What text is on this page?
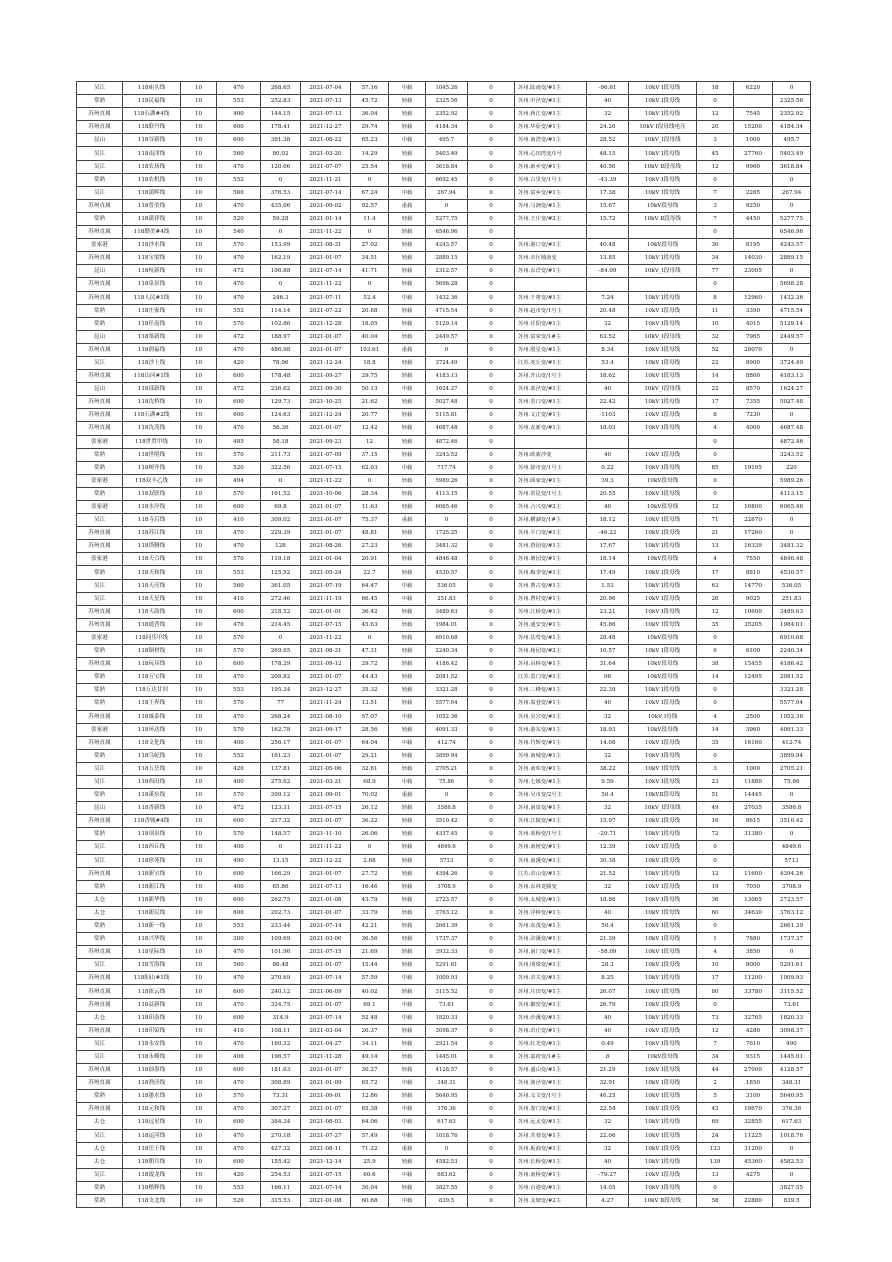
吴江	118庙头线	10	470	268.65	2021-07-04	57.16	中载	1045.26	0	苏州.陆南变/#1主	-96.61	10kV Ⅰ段母线	18	6220	0
常熟	118民福线	10	553	252.83	2021-07-13	45.72	轻载	2325.56	0	苏州.中泾变/#1主	40	10kV Ⅰ段母线	0		2325.56
苏州直属	118石湖#4线	10	400	144.15	2021-07-13	36.04	轻载	2352.92	0	苏州.蒋江变/#1主	32	10kV Ⅰ段母线	12	7545	2352.92
苏州直属	118联丹线	10	600	178.41	2021-12-27	29.74	轻载	4184.34	0	苏州.华原变/#1主	24.26	10kV Ⅰ段母线电压	20	15200	4184.34
昆山	118谷新线	10	600	391.38	2021-08-22	65.23	中载	495.7	0	苏州.南湾变/#1主	28.52	10kV_Ⅰ段母线	3	1000	495.7
吴江	118南津线	10	560	80.02	2021-03-20	14.29	轻载	5403.49	0	苏州.心田湾变/1号	48.15	10kV Ⅰ段母线	45	27760	5403.49
吴江	118农场线	10	470	120.06	2021-07-07	25.54	轻载	3618.84	0	苏州.新乡变/#1主	40.56	10kV Ⅱ段母线	12	9960	3618.84
常熟	118农机线	10	552	0	2021-11-21	0	轻载	6692.45	0	苏州.古里变/1号主	-43.39	10kV Ⅰ段母线	0		0
吴江	118蒲晖线	10	560	376.53	2021-07-14	67.24	中载	267.94	0	苏州.富乡变/#1主	17.38	10kV Ⅰ段母线	7	2265	267.94
苏州直属	118普美线	10	470	435.06	2021-09-02	92.57	重载	0	0	苏州.马涧变/#1主	15.67	10kV段母线	3	9250	0
常熟	118蒲祥线	10	520	59.28	2021-01-14	11.4	轻载	5277.75	0	苏州.王庄变/#2主	15.72	10kV Ⅱ段母线	7	4450	5277.75
苏州直属	118勤美#4线	10	540	0	2021-11-22	0	轻载	6546.96	0				0		6546.96
张家港	118沙水线	10	570	153.99	2021-08-31	27.02	轻载	4243.57	0	苏州.港口变/#1主	40.48	10kV段母线	30	8195	4243.57
苏州直属	118宝梁线	10	470	162.19	2021-01-07	34.51	轻载	2889.15	0	苏州.市区城南变	13.85	10kV Ⅰ段母线	34	14030	2889.15
昆山	118杭新线	10	472	196.88	2021-07-14	41.71	轻载	2312.57	0	苏州.东洋变/#1主	-84.09	10kV_Ⅰ段母线	77	23005	0
苏州直属	118泉景线	10	470	0	2021-11-22	0	轻载	5698.28	0				0		5698.28
苏州直属	118人民#1线	10	470	246.3	2021-07-11	52.4	中载	1432.36	0	苏州.干将变/#1主	7.24	10kV Ⅰ段母线	8	12960	1432.36
常熟	118庄家线	10	552	114.14	2021-07-22	20.68	轻载	4715.54	0	苏州.赵市变/1号主	20.48	10kV Ⅰ段母线	11	3390	4715.54
常熟	118任南线	10	570	102.86	2021-12-28	18.05	轻载	5129.14	0	苏州.任阳变/#1主	32	10kV Ⅰ段母线	10	4015	5129.14
昆山	118塞新线	10	472	188.97	2021-01-07	40.04	轻载	2449.57	0	苏州.富荣变/1#主	63.52	10kV_Ⅰ段母线	32	7965	2449.57
苏州直属	118润福线	10	470	486.98	2021-01-07	103.61	重载	0	0	苏州.殷星变/#1主	8.34	10kV Ⅰ段母线	52	28070	0
吴江	118沙上线	10	420	78.96	2021-12-24	18.8	轻载	3724.49	0	江苏.虎丘变/#1主	53.4	10kV Ⅰ段母线	22	9900	3724.49
苏州直属	118山河#1线	10	600	178.48	2021-09-27	29.75	轻载	4183.13	0	苏州.开山变/1号主	18.62	10kV Ⅰ段母线	14	8860	4183.13
昆山	118部新线	10	472	236.62	2021-09-30	50.13	中载	1624.27	0	苏州.部泾变/#1主	40	10kV_Ⅰ段母线	22	8570	1624.27
苏州直属	118沈桥线	10	600	129.73	2021-10-25	21.62	轻载	5027.48	0	苏州.里口变/#1主	22.42	10kV Ⅰ段母线	17	7355	5027.48
苏州直属	118石湖#2线	10	600	124.63	2021-12-24	20.77	轻载	5115.81	0	苏州.文正变/#1主	-1103	10kV Ⅰ段母线	8	7230	0
苏州直属	118沈茂线	10	470	58.36	2021-01-07	12.42	轻载	4687.48	0	苏州.友新变/#1主	18.03	10kV Ⅰ段母线	4	4000	4687.48
张家港	118世贸甲线	10	485	58.18	2021-09-23	12	轻载	4872.46	0				0		4872.46
常熟	118世明线	10	570	211.73	2021-07-09	37.15	轻载	3243.52	0	苏州.欧新沙变	40	10kV Ⅰ段母线	0		3243.52
常熟	118树齐线	10	520	322.56	2021-07-15	62.03	中载	717.74	0	苏州.徐市变/1号主	0.22	10kV Ⅰ段母线	85	19195	220
张家港	118双丰乙线	10	494	0	2021-11-22	0	轻载	5989.26	0	苏州.顾家变/#1主	39.3	10kV段母线	0		5989.26
常熟	118双联线	10	570	161.52	2021-10-06	28.34	轻载	4113.15	0	苏州.常昆变/1号主	20.55	10kV Ⅰ段母线	0		4113.15
张家港	118水岸线	10	600	69.8	2021-01-07	11.63	轻载	6065.46	0	苏州.合兴变/#2主	40	10kV段母线	12	10800	6065.46
吴江	118寺后线	10	410	309.02	2021-01-07	75.37	重载	0	0	苏州.横湖变/1#主	18.12	10kV Ⅰ段母线	71	22670	0
苏州直属	118苏江线	10	470	229.39	2021-01-07	48.81	轻载	1725.25	0	苏州.平门变/#1主	-46.22	10kV Ⅰ段母线	21	17260	0
苏州直属	118塔腾线	10	470	128	2021-08-26	27.23	轻载	3481.32	0	苏州.塔园变/#1主	17.67	10kV Ⅰ段母线	13	16339	3481.32
张家港	118天合线	10	570	119.18	2021-01-04	20.91	轻载	4846.48	0	苏州.塘园变/#1主	18.14	10kV段母线	4	7550	4846.48
常熟	118天和线	10	553	125.52	2021-05-24	22.7	轻载	4530.57	0	苏州.梅李变/#1主	17.49	10kV Ⅰ段母线	17	8810	4530.57
吴江	118天亮线	10	560	361.05	2021-07-19	64.47	中载	536.05	0	苏州.曹古变/#1主	1.53	10kV Ⅰ段母线	63	14770	536.05
吴江	118天星线	10	410	272.46	2021-11-19	66.45	中载	251.83	0	苏州.曹村变/#1主	20.96	10kV Ⅰ段母线	26	9025	251.83
苏州直属	118天韵线	10	600	218.52	2021-01-01	36.42	轻载	3489.63	0	苏州.江桥变/#1主	23.21	10kV Ⅰ段母线	12	10600	3489.63
苏州直属	118通普线	10	470	214.45	2021-07-15	45.63	轻载	1984.01	0	苏州.通安变/#1主	45.86	10kV Ⅰ段母线	35	35205	1984.01
张家港	118同乐甲线	10	570	0	2021-11-22	0	轻载	6910.68	0	苏州.扶莺变/#1主	28.48	10kV段母线	0		6910.68
常熟	118铜材线	10	570	269.65	2021-08-31	47.31	轻载	2240.34	0	苏州.杨园变/#2主	10.57	10kV Ⅰ段母线	6	6100	2240.34
苏州直属	118玩具线	10	600	178.29	2021-09-12	29.72	轻载	4186.42	0	苏州.吊桥变/#1主	31.64	10kV段母线	38	15455	4186.42
常熟	118万宝线	10	470	208.82	2021-01-07	44.43	轻载	2081.52	0	江苏.莫门变/#1主	96	10kV段母线	14	12495	2081.52
常熟	118万达甘回	10	553	195.34	2021-12-27	35.32	轻载	3321.28	0	苏州.三峰变/#1主	22.39	10kV Ⅰ段母线	0		3321.28
常熟	118王界线	10	570	77	2021-11-24	13.51	轻载	5577.04	0	苏州.翁巷变/#1主	40	10kV Ⅰ段母线	0		5577.04
苏州直属	118威泰线	10	470	268.24	2021-08-10	57.07	中载	1052.36	0	苏州.吴宫变/#1主	32	10kV Ⅰ母线	4	2500	1052.36
张家港	118环达线	10	570	162.78	2021-09-17	28.56	轻载	4091.33	0	苏州.港东变/#1主	18.93	10kV段母线	14	3960	4091.33
苏州直属	118文化线	10	400	256.17	2021-01-07	64.04	中载	412.74	0	苏州.竹辉变/#1主	14.08	10kV Ⅰ段母线	35	16160	412.74
常熟	118乌屺线	10	552	161.23	2021-01-07	29.21	轻载	3899.94	0	苏州.南城变/#1主	32	10kV Ⅰ段母线	0		3899.94
吴江	118五岳线	10	420	137.81	2021-05-06	32.81	轻载	2705.21	0	苏州.南库变/#1主	38.22	10kV Ⅰ段母线	3	1000	2705.21
吴江	118西田线	10	400	275.62	2021-03-21	68.9	中载	75.86	0	苏州.七镇变/#1主	9.59	10kV Ⅰ段母线	23	11880	75.86
常熟	118溪东线	10	570	399.12	2021-09-01	70.02	重载	0	0	苏州.吴市变/2号主	50.4	10kVⅡ段母线	51	14445	0
昆山	118香新线	10	472	123.31	2021-07-15	26.12	轻载	3586.8	0	苏州.南泉变/#1主	32	10kV_Ⅰ段母线	49	27035	3586.8
苏州直属	118香城#4线	10	600	217.32	2021-01-07	36.22	轻载	3510.42	0	苏州.江陵变/#1主	15.97	10kV Ⅰ段母线	16	8615	3510.42
常熟	118项泉线	10	570	148.57	2021-11-10	26.06	轻载	4337.45	0	苏州.项桥变/1号主	-29.71	10kV Ⅰ段母线	72	31380	0
吴江	118西丘线	10	400	0	2021-11-22	0	轻载	4849.6	0	苏州.南树变/#1主	12.39	10kV Ⅰ段母线	0		4849.6
吴江	118徐苑线	10	490	13.15	2021-12-22	2.68	轻载	5713	0	苏州.南溪变/#1主	30.38	10kV Ⅰ段母线	0		5713
苏州直属	118新宝线	10	600	166.29	2021-01-07	27.72	轻载	4394.26	0	江苏.浒山变/#1主	21.52	10kV Ⅰ段母线	12	11600	4394.26
常熟	118新江线	10	400	65.86	2021-07-13	16.46	轻载	3708.9	0	苏州.东林龙腾变	32	10kV Ⅰ段母线	19	7050	3708.9
太仓	118新华线	10	600	262.75	2021-01-08	43.79	轻载	2723.57	0	苏州.太城变/#1主	18.86	10kV Ⅰ段母线	36	13065	2723.57
太仓	118新民线	10	600	202.73	2021-01-07	33.79	轻载	3763.12	0	苏州.浮桥变/#1主	40	10kV Ⅰ段母线	60	34630	3763.12
常熟	118新一线	10	553	233.44	2021-07-14	42.21	轻载	2661.39	0	苏州.东茂变/#1主	50.4	10kV Ⅰ段母线	0		2661.39
常熟	118兴华线	10	300	109.69	2021-03-06	36.56	轻载	1737.37	0	苏州.浒溪变/#1主	21.39	10kV Ⅰ段母线	1	7880	1737.37
苏州直属	118星际线	10	470	101.96	2021-07-15	21.69	轻载	3932.33	0	苏州.南门变/#1主	-58.09	10kV Ⅰ段母线	4	3850	0
吴江	118雪海线	10	560	86.48	2021-01-07	15.44	轻载	5291.61	0	苏州.明珠变/#1主	28.3	10kV Ⅰ段母线	10	8000	5291.61
苏州直属	118阳山#1线	10	470	270.69	2021-07-14	57.59	中载	1009.93	0	苏州.浒关变/#1主	8.25	10kV Ⅰ段母线	17	11200	1009.93
苏州直属	118依云线	10	600	240.12	2021-06-09	40.02	轻载	3115.52	0	苏州.庄田变/#1主	26.07	10kV Ⅰ段母线	80	33780	3115.52
苏州直属	118益新线	10	470	324.75	2021-01-07	69.1	中载	73.61	0	苏州.御窑变/#1主	26.79	10kV Ⅰ段母线	0		73.61
太仓	118印南线	10	600	314.9	2021-07-14	52.48	中载	1820.33	0	苏州.沙溪变/#1主	40	10kV Ⅰ段母线	73	32765	1820.33
苏州直属	118印染线	10	410	108.11	2021-03-04	26.37	轻载	3098.37	0	苏州.洪庄变/#1主	40	10kV Ⅰ段母线	12	4280	3098.37
吴江	118永安线	10	470	160.32	2021-04-27	34.11	轻载	2921.54	0	苏州.红光变/#1主	0.49	10kV Ⅰ段母线	7	7610	490
吴江	118永峰线	10	400	196.57	2021-11-28	49.14	轻载	1445.01	0	苏州.嘉荷变/1#主	8	10kV段母线	34	9315	1445.01
苏州直属	118油墨线	10	600	181.63	2021-01-07	30.27	轻载	4128.57	0	苏州.盛山变/#1主	21.29	10kV Ⅰ段母线	44	27000	4128.57
苏州直属	118渔泾线	10	470	308.89	2021-01-09	65.72	中载	348.31	0	苏州.渔泾变/#1主	32.91	10kV Ⅰ段母线	2	1850	348.31
常熟	118愚水线	10	570	73.31	2021-09-01	12.86	轻载	5640.95	0	苏州.义文变/1号主	46.25	10kV Ⅰ段母线	5	3100	5640.95
苏州直属	118元和线	10	470	307.27	2021-01-07	65.38	中载	376.36	0	苏州.娄门变/#1主	22.54	10kV Ⅰ段母线	43	19670	376.36
太仓	118远星线	10	600	384.34	2021-08-03	64.06	中载	617.63	0	苏州.远太变/#1主	32	10kV Ⅰ段母线	69	32855	617.63
吴江	118运河线	10	470	270.18	2021-07-27	57.49	中载	1018.76	0	苏州.芙蓉变/#1主	22.06	10kV Ⅰ段母线	24	11225	1018.76
太仓	118岳王线	10	470	427.32	2021-08-11	71.22	重载	0	0	苏州.板商变/#1主	32	10kV Ⅰ段母线	123	31200	0
太仓	118朝兵线	10	600	155.42	2021-12-14	25.9	轻载	4582.53	0	苏州.长桥变/#1主	40	10kV Ⅰ段母线	139	45360	4582.53
吴江	118震龙线	10	420	254.53	2021-07-15	60.6	中载	683.62	0	苏州.南桥变/#1主	-79.27	10kV Ⅰ段母线	13	4275	0
常熟	118楷辉线	10	553	166.11	2021-07-14	30.04	轻载	3827.55	0	苏州.百港变/#1主	14.05	10kV Ⅰ段母线	0		3827.55
常熟	118支北线	10	520	315.53	2021-01-08	60.68	中载	839.5	0	苏州.支塘变/#2主	4.27	10kV Ⅱ段母线	58	22880	839.5
